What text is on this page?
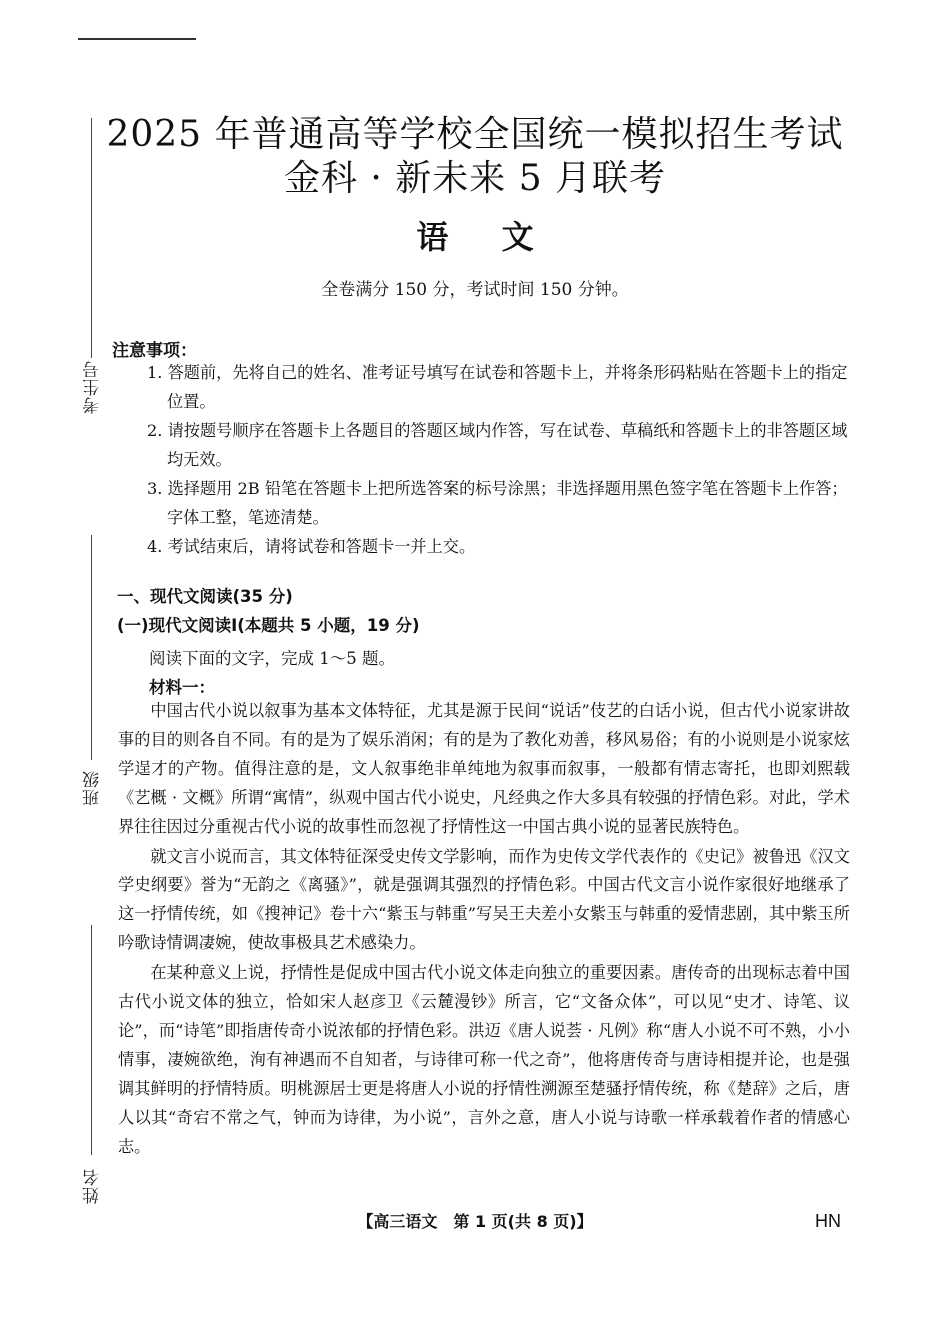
考生号
班级
姓名
2025 年普通高等学校全国统一模拟招生考试
金科 · 新未来 5 月联考
语 文
全卷满分 150 分，考试时间 150 分钟。
注意事项：
1. 答题前，先将自己的姓名、准考证号填写在试卷和答题卡上，并将条形码粘贴在答题卡上的指定位置。
2. 请按题号顺序在答题卡上各题目的答题区域内作答，写在试卷、草稿纸和答题卡上的非答题区域均无效。
3. 选择题用 2B 铅笔在答题卡上把所选答案的标号涂黑；非选择题用黑色签字笔在答题卡上作答；字体工整，笔迹清楚。
4. 考试结束后，请将试卷和答题卡一并上交。
一、现代文阅读(35 分)
(一)现代文阅读Ⅰ(本题共 5 小题，19 分)
阅读下面的文字，完成 1～5 题。
材料一：

中国古代小说以叙事为基本文体特征，尤其是源于民间“说话”伎艺的白话小说，但古代小说家讲故事的目的则各自不同。有的是为了娱乐消闲；有的是为了教化劝善，移风易俗；有的小说则是小说家炫学逞才的产物。值得注意的是，文人叙事绝非单纯地为叙事而叙事，一般都有情志寄托，也即刘熙载《艺概 · 文概》所谓“寓情”，纵观中国古代小说史，凡经典之作大多具有较强的抒情色彩。对此，学术界往往因过分重视古代小说的故事性而忽视了抒情性这一中国古典小说的显著民族特色。

就文言小说而言，其文体特征深受史传文学影响，而作为史传文学代表作的《史记》被鲁迅《汉文学史纲要》誉为“无韵之《离骚》”，就是强调其强烈的抒情色彩。中国古代文言小说作家很好地继承了这一抒情传统，如《搜神记》卷十六“紫玉与韩重”写吴王夫差小女紫玉与韩重的爱情悲剧，其中紫玉所吟歌诗情调凄婉，使故事极具艺术感染力。

在某种意义上说，抒情性是促成中国古代小说文体走向独立的重要因素。唐传奇的出现标志着中国古代小说文体的独立，恰如宋人赵彦卫《云麓漫钞》所言，它“文备众体”，可以见“史才、诗笔、议论”，而“诗笔”即指唐传奇小说浓郁的抒情色彩。洪迈《唐人说荟 · 凡例》称“唐人小说不可不熟，小小情事，凄婉欲绝，洵有神遇而不自知者，与诗律可称一代之奇”，他将唐传奇与唐诗相提并论，也是强调其鲜明的抒情特质。明桃源居士更是将唐人小说的抒情性溯源至楚骚抒情传统，称《楚辞》之后，唐人以其“奇宕不常之气，钟而为诗律，为小说”，言外之意，唐人小说与诗歌一样承载着作者的情感心志。

【高三语文　第 1 页(共 8 页)】	HN
